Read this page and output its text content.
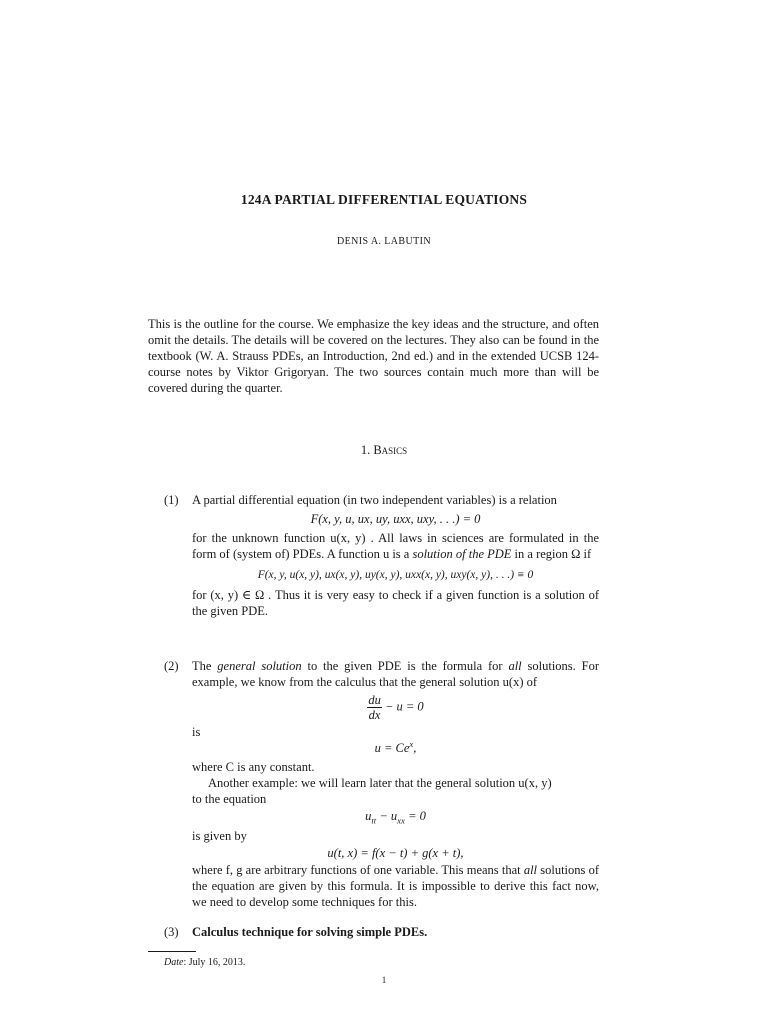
124A PARTIAL DIFFERENTIAL EQUATIONS
DENIS A. LABUTIN

This is the outline for the course. We emphasize the key ideas and the structure, and often omit the details. The details will be covered on the lectures. They also can be found in the textbook (W. A. Strauss PDEs, an Introduction, 2nd ed.) and in the extended UCSB 124-course notes by Viktor Grigoryan. The two sources contain much more than will be covered during the quarter.

1. Basics
(1)	A partial differential equation (in two independent variables) is a relation

F(x, y, u, ux, uy, uxx, uxy, . . .) = 0

for the unknown function u(x, y) . All laws in sciences are formulated in the form of (system of) PDEs. A function u is a solution of the PDE in a region Ω if

F(x, y, u(x, y), ux(x, y), uy(x, y), uxx(x, y), uxy(x, y), . . .) ≡ 0

for (x, y) ∈ Ω . Thus it is very easy to check if a given function is a solution of the given PDE.

(2)	The general solution to the given PDE is the formula for all solutions. For example, we know from the calculus that the general solution u(x) of

$\frac{du}{dx} - u = 0$

is

$u = Ce^x$,

where C is any constant.

Another example: we will learn later that the general solution u(x, y)

to the equation

$u_{tt} - u_{xx} = 0$

is given by

u(t, x) = f(x − t) + g(x + t),

where f, g are arbitrary functions of one variable. This means that all solutions of the equation are given by this formula. It is impossible to derive this fact now, we need to develop some techniques for this.

(3)	Calculus technique for solving simple PDEs.

Date: July 16, 2013.
1
